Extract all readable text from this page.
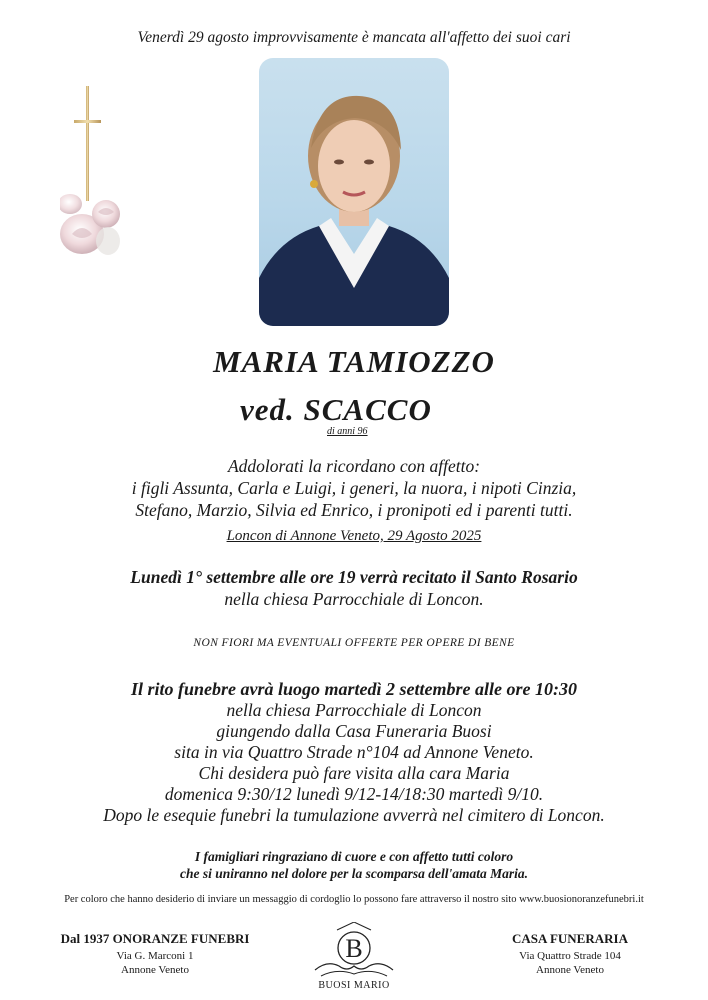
Venerdì 29 agosto improvvisamente è mancata all'affetto dei suoi cari
MARIA TAMIOZZO
ved. SCACCO
di anni 96
Addolorati la ricordano con affetto:
i figli Assunta, Carla e Luigi, i generi, la nuora, i nipoti Cinzia,
Stefano, Marzio, Silvia ed Enrico, i pronipoti ed i parenti tutti.
Loncon di Annone Veneto, 29 Agosto 2025
Lunedì 1° settembre alle ore 19 verrà recitato il Santo Rosario
nella chiesa Parrocchiale di Loncon.
NON FIORI MA EVENTUALI OFFERTE PER OPERE DI BENE
Il rito funebre avrà luogo martedì 2 settembre alle ore 10:30
nella chiesa Parrocchiale di Loncon
giungendo dalla Casa Funeraria Buosi
sita in via Quattro Strade n°104 ad Annone Veneto.
Chi desidera può fare visita alla cara Maria
domenica 9:30/12 lunedì 9/12-14/18:30 martedì 9/10.
Dopo le esequie funebri la tumulazione avverrà nel cimitero di Loncon.
I famigliari ringraziano di cuore e con affetto tutti coloro
che si uniranno nel dolore per la scomparsa dell'amata Maria.
Per coloro che hanno desiderio di inviare un messaggio di cordoglio lo possono fare attraverso il nostro sito www.buosionoranzefunebri.it
Dal 1937 ONORANZE FUNEBRI
Via G. Marconi 1
Annone Veneto
B
BUOSI MARIO
CASA FUNERARIA
Via Quattro Strade 104
Annone Veneto
